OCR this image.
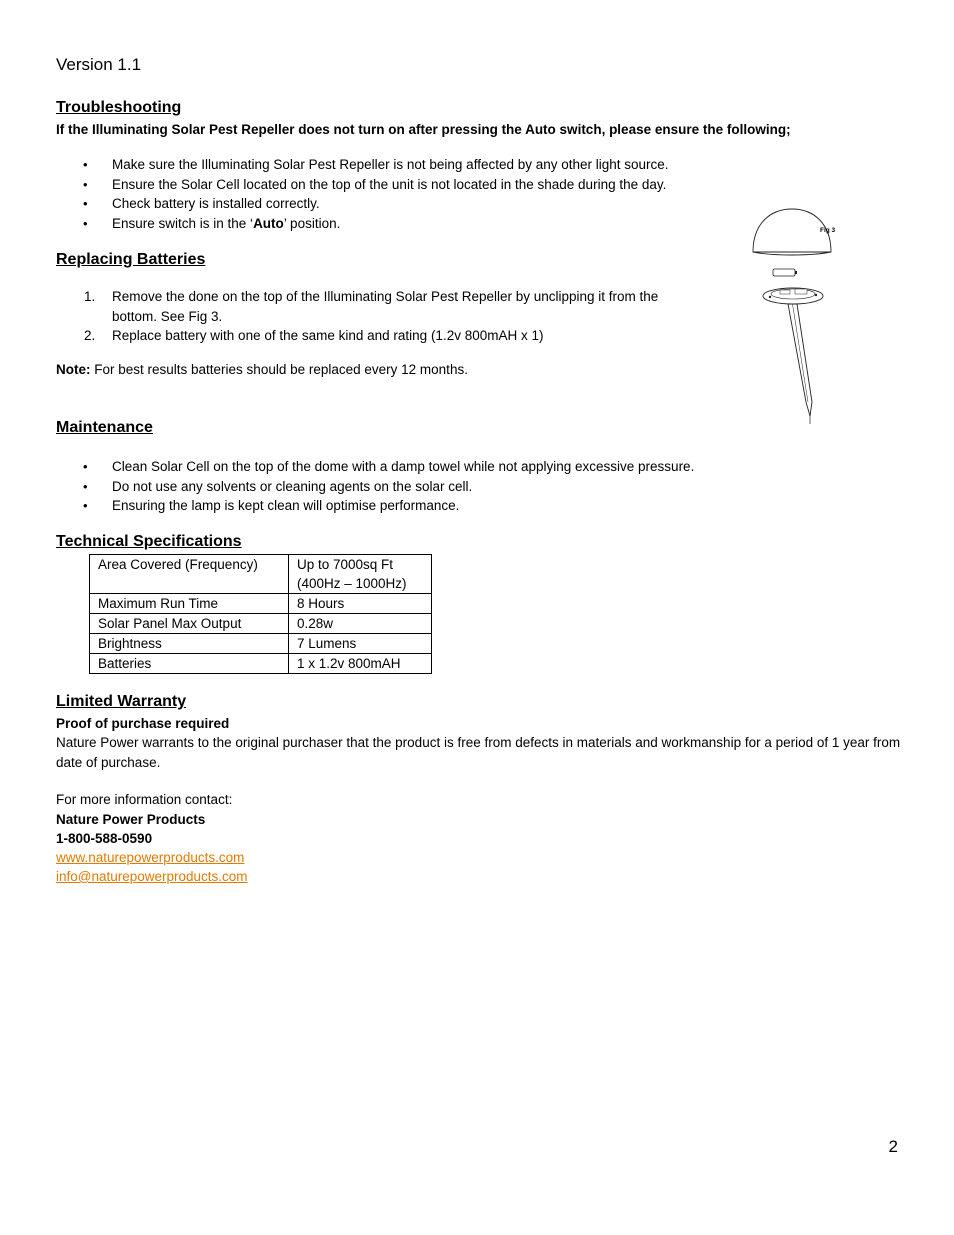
Version 1.1
Troubleshooting
If the Illuminating Solar Pest Repeller does not turn on after pressing the Auto switch, please ensure the following;
• Make sure the Illuminating Solar Pest Repeller is not being affected by any other light source.
• Ensure the Solar Cell located on the top of the unit is not located in the shade during the day.
• Check battery is installed correctly.
• Ensure switch is in the ‘Auto’ position.
Replacing Batteries
1. Remove the done on the top of the Illuminating Solar Pest Repeller by unclipping it from the bottom. See Fig 3.
2. Replace battery with one of the same kind and rating (1.2v 800mAH x 1)
Note: For best results batteries should be replaced every 12 months.
Fig 3
Maintenance
• Clean Solar Cell on the top of the dome with a damp towel while not applying excessive pressure.
• Do not use any solvents or cleaning agents on the solar cell.
• Ensuring the lamp is kept clean will optimise performance.
Technical Specifications
Area Covered (Frequency)	Up to 7000sq Ft
(400Hz – 1000Hz)
Maximum Run Time	8 Hours
Solar Panel Max Output	0.28w
Brightness	7 Lumens
Batteries	1 x 1.2v 800mAH
Limited Warranty
Proof of purchase required
Nature Power warrants to the original purchaser that the product is free from defects in materials and workmanship for a period of 1 year from date of purchase.
For more information contact:
Nature Power Products
1-800-588-0590
www.naturepowerproducts.com
info@naturepowerproducts.com
2
